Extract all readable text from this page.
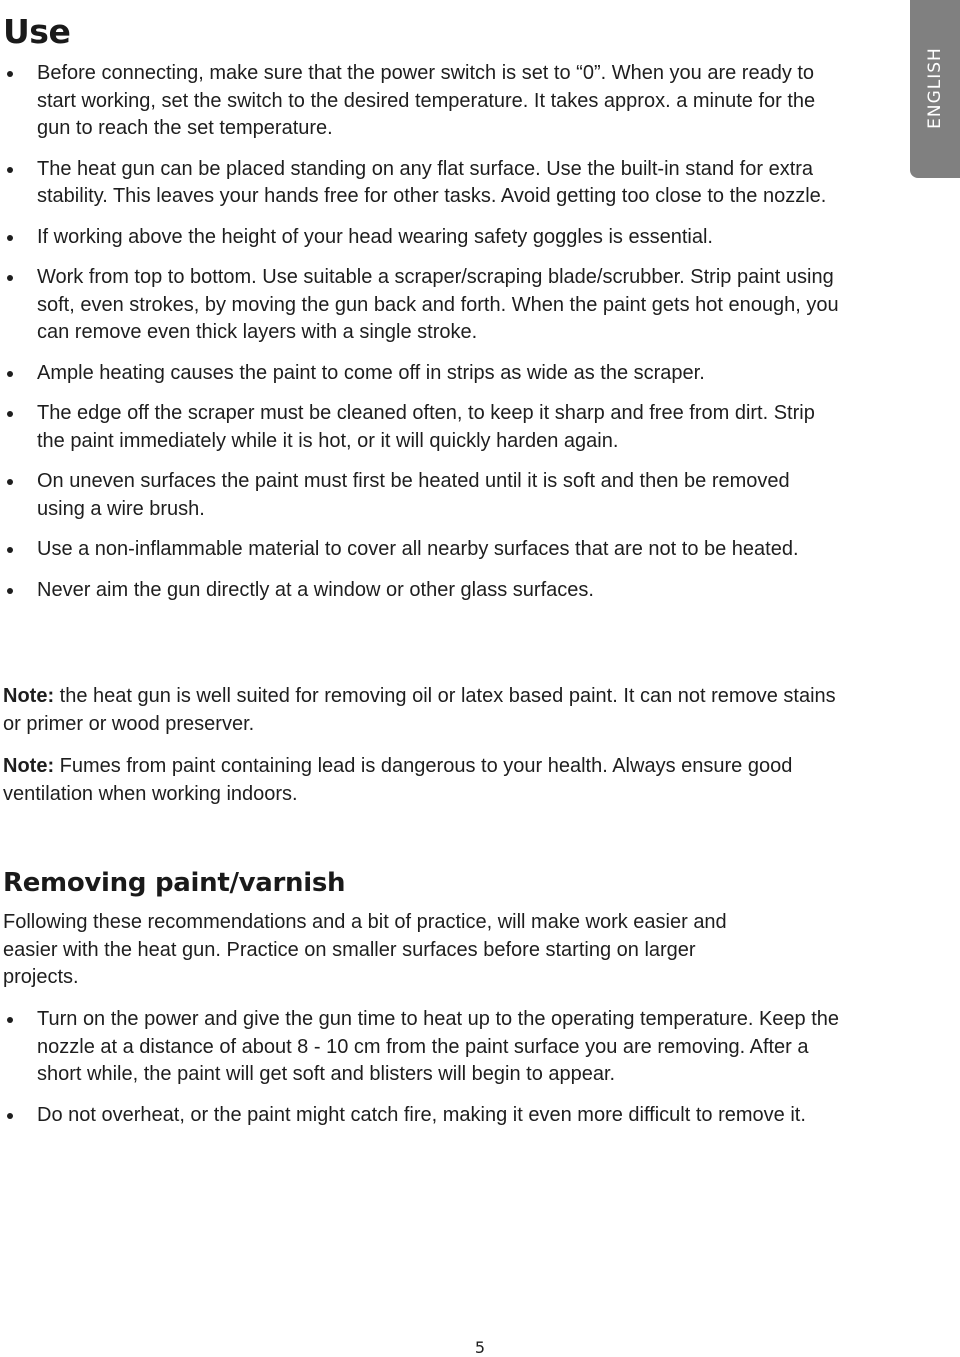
ENGLISH
Use
Before connecting, make sure that the power switch is set to “0”. When you are ready to start working, set the switch to the desired temperature. It takes approx. a minute for the gun to reach the set temperature.
The heat gun can be placed standing on any flat surface. Use the built-in stand for extra stability. This leaves your hands free for other tasks. Avoid getting too close to the nozzle.
If working above the height of your head wearing safety goggles is essential.
Work from top to bottom. Use suitable a scraper/scraping blade/scrubber. Strip paint using soft, even strokes, by moving the gun back and forth. When the paint gets hot enough, you can remove even thick layers with a single stroke.
Ample heating causes the paint to come off in strips as wide as the scraper.
The edge off the scraper must be cleaned often, to keep it sharp and free from dirt. Strip the paint immediately while it is hot, or it will quickly harden again.
On uneven surfaces the paint must first be heated until it is soft and then be removed using a wire brush.
Use a non-inflammable material to cover all nearby surfaces that are not to be heated.
Never aim the gun directly at a window or other glass surfaces.

Note: the heat gun is well suited for removing oil or latex based paint. It can not remove stains or primer or wood preserver.

Note: Fumes from paint containing lead is dangerous to your health. Always ensure good ventilation when working indoors.

Removing paint/varnish

Following these recommendations and a bit of practice, will make work easier and easier with the heat gun. Practice on smaller surfaces before starting on larger projects.

Turn on the power and give the gun time to heat up to the operating temperature. Keep the nozzle at a distance of about 8 - 10 cm from the paint surface you are removing. After a short while, the paint will get soft and blisters will begin to appear.
Do not overheat, or the paint might catch fire, making it even more difficult to remove it.
5
